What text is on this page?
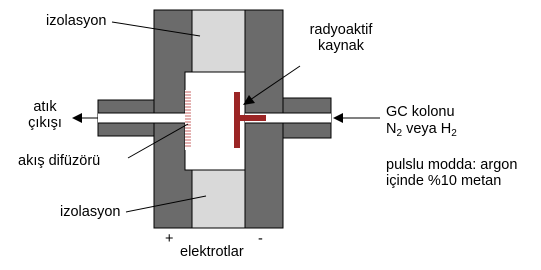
izolasyon
radyoaktif
kaynak
atık
çıkışı
akış difüzörü
GC kolonu
$N_2$ veya $H_2$
pulslu modda: argon
içinde %10 metan
izolasyon
+	-
elektrotlar
